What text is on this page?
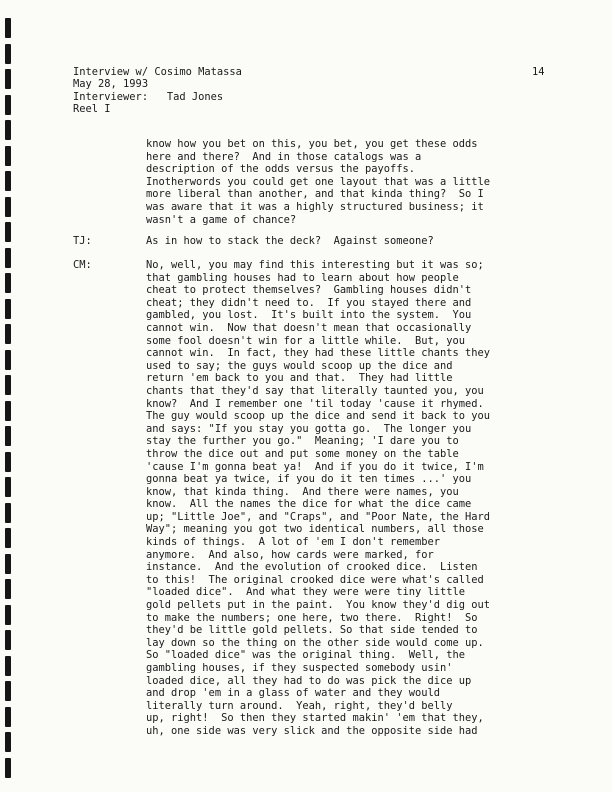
Interview w/ Cosimo Matassa
May 28, 1993
Interviewer:   Tad Jones
Reel I
14
know how you bet on this, you bet, you get these odds
here and there?  And in those catalogs was a
description of the odds versus the payoffs.
Inotherwords you could get one layout that was a little
more liberal than another, and that kinda thing?  So I
was aware that it was a highly structured business; it
wasn't a game of chance?
TJ:	As in how to stack the deck?  Against someone?
CM:	No, well, you may find this interesting but it was so;
that gambling houses had to learn about how people
cheat to protect themselves?  Gambling houses didn't
cheat; they didn't need to.  If you stayed there and
gambled, you lost.  It's built into the system.  You
cannot win.  Now that doesn't mean that occasionally
some fool doesn't win for a little while.  But, you
cannot win.  In fact, they had these little chants they
used to say; the guys would scoop up the dice and
return 'em back to you and that.  They had little
chants that they'd say that literally taunted you, you
know?  And I remember one 'til today 'cause it rhymed.
The guy would scoop up the dice and send it back to you
and says: "If you stay you gotta go.  The longer you
stay the further you go."  Meaning; 'I dare you to
throw the dice out and put some money on the table
'cause I'm gonna beat ya!  And if you do it twice, I'm
gonna beat ya twice, if you do it ten times ...' you
know, that kinda thing.  And there were names, you
know.  All the names the dice for what the dice came
up; "Little Joe", and "Craps", and "Poor Nate, the Hard
Way"; meaning you got two identical numbers, all those
kinds of things.  A lot of 'em I don't remember
anymore.  And also, how cards were marked, for
instance.  And the evolution of crooked dice.  Listen
to this!  The original crooked dice were what's called
"loaded dice".  And what they were were tiny little
gold pellets put in the paint.  You know they'd dig out
to make the numbers; one here, two there.  Right!  So
they'd be little gold pellets. So that side tended to
lay down so the thing on the other side would come up.
So "loaded dice" was the original thing.  Well, the
gambling houses, if they suspected somebody usin'
loaded dice, all they had to do was pick the dice up
and drop 'em in a glass of water and they would
literally turn around.  Yeah, right, they'd belly
up, right!  So then they started makin' 'em that they,
uh, one side was very slick and the opposite side had
